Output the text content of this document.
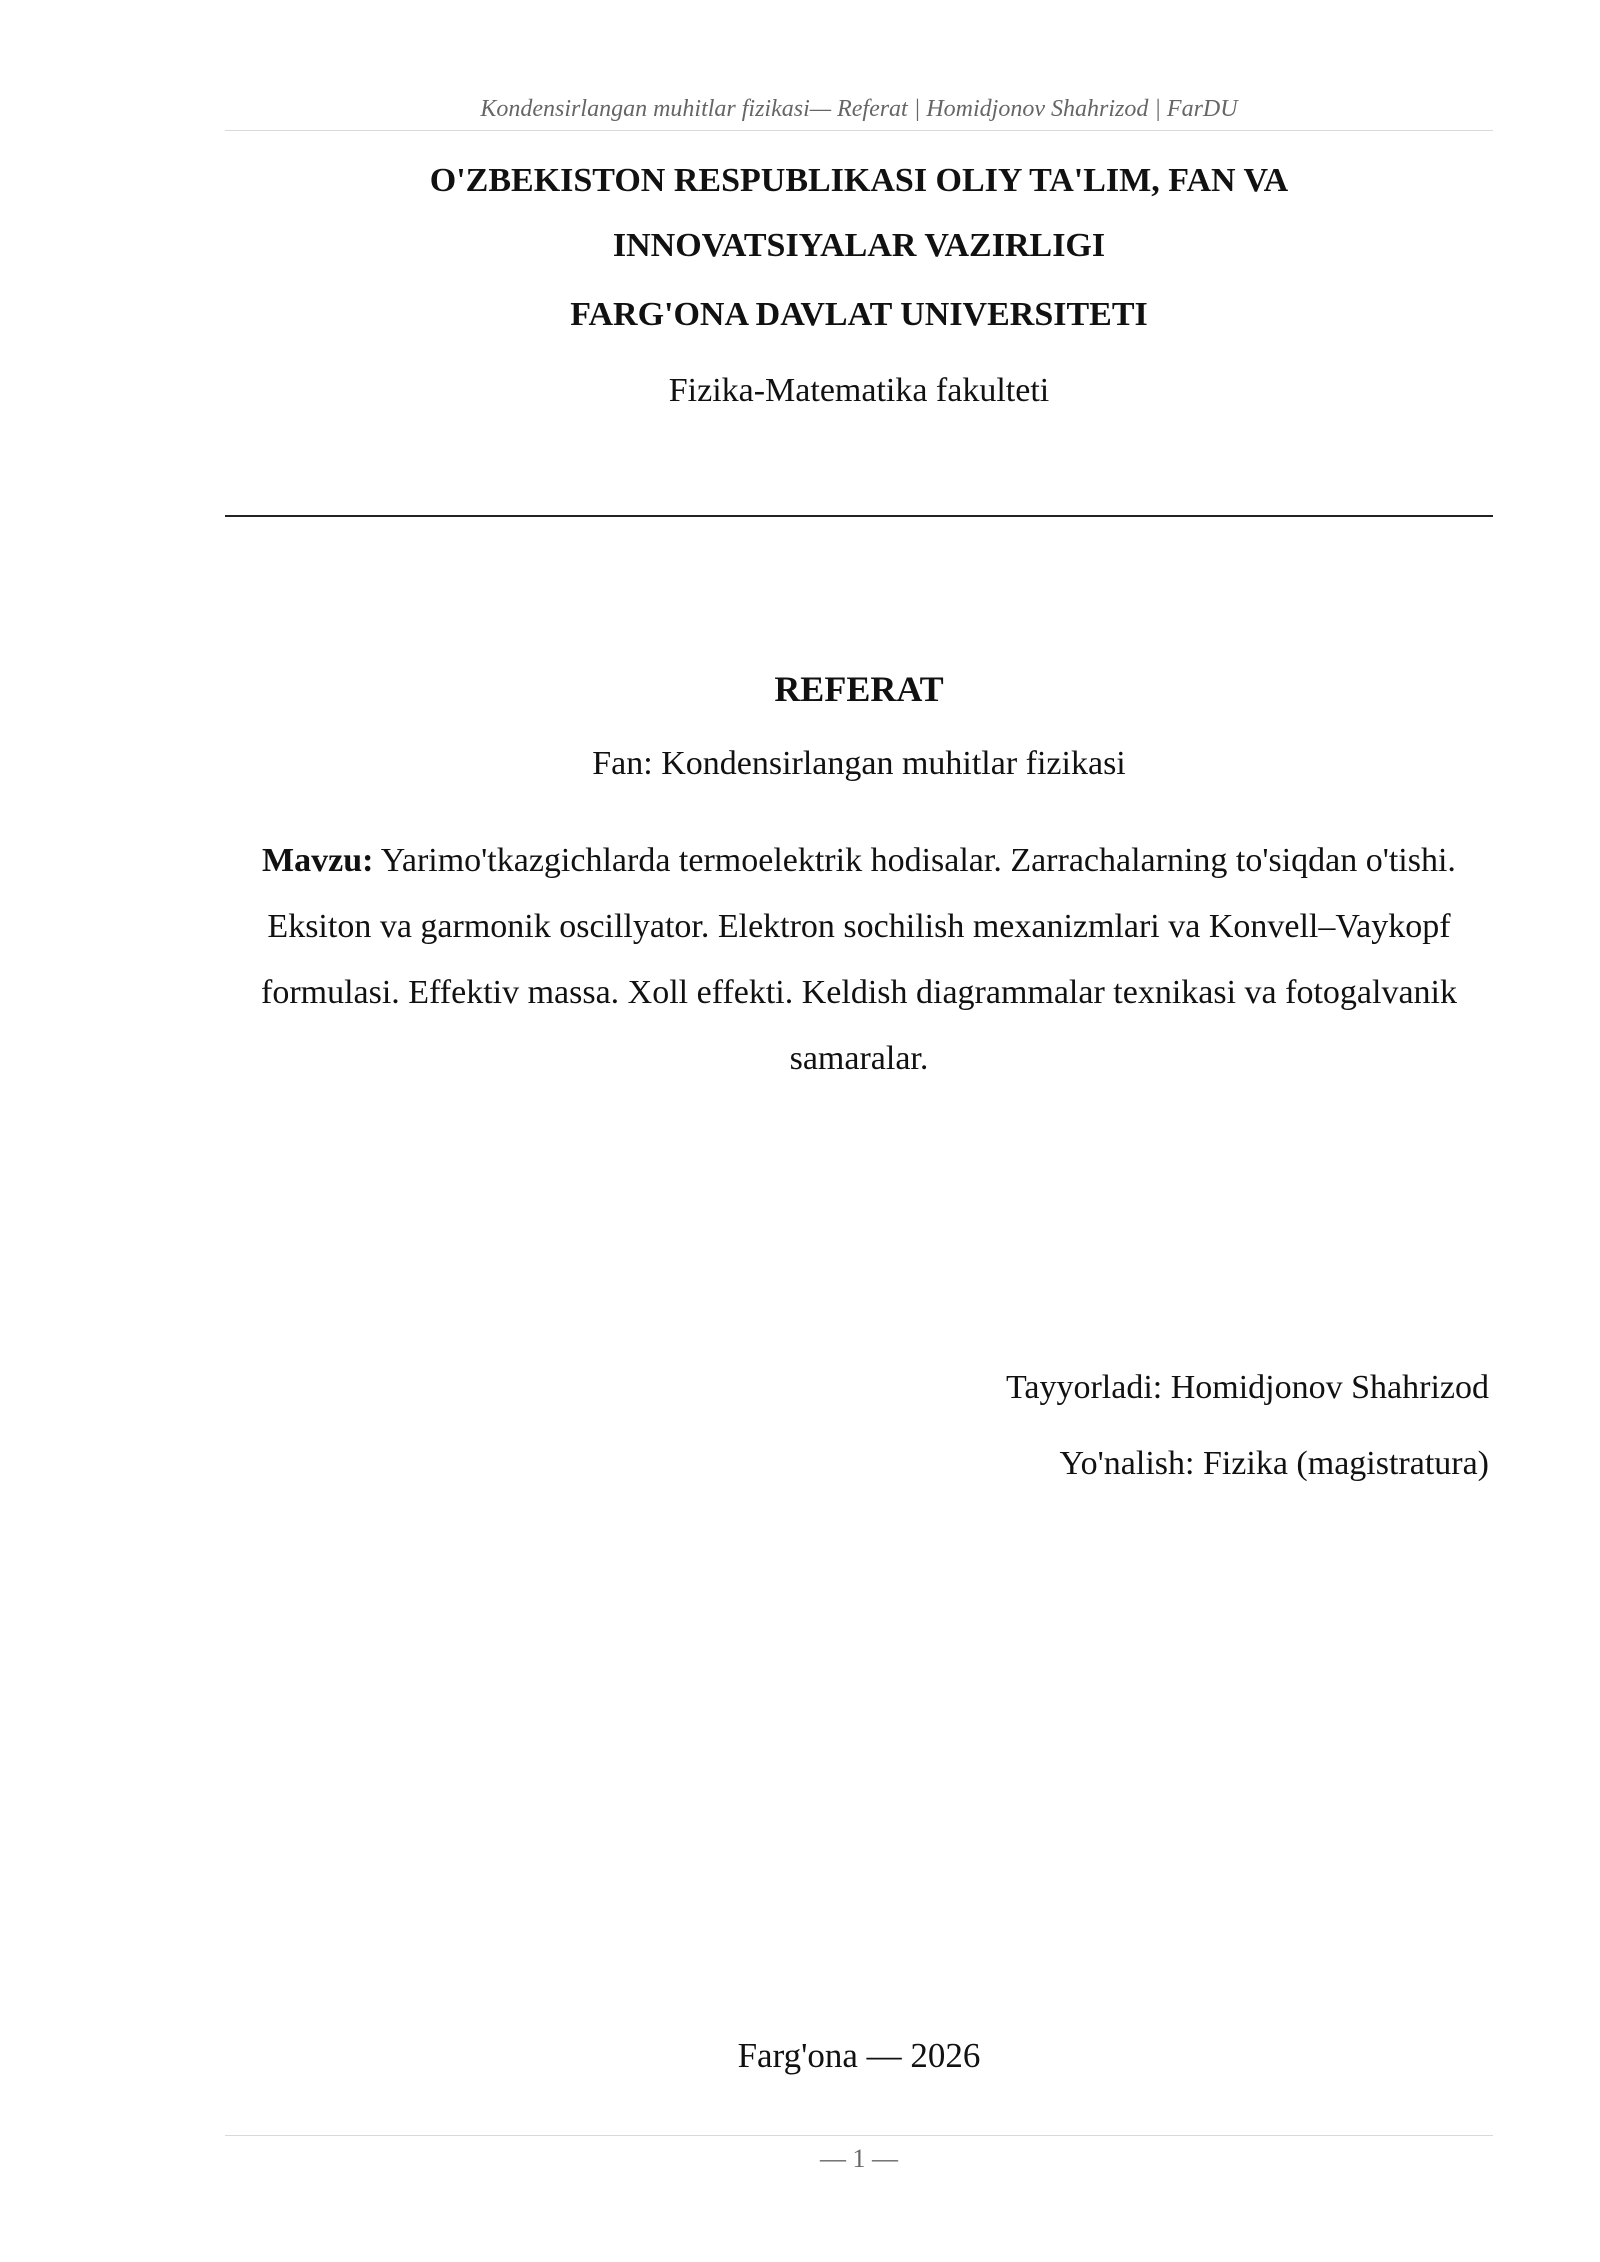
Kondensirlangan muhitlar fizikasi— Referat | Homidjonov Shahrizod | FarDU
O'ZBEKISTON RESPUBLIKASI OLIY TA'LIM, FAN VA
INNOVATSIYALAR VAZIRLIGI
FARG'ONA DAVLAT UNIVERSITETI
Fizika-Matematika fakulteti
REFERAT
Fan: Kondensirlangan muhitlar fizikasi
Mavzu: Yarimo'tkazgichlarda termoelektrik hodisalar. Zarrachalarning to'siqdan o'tishi. Eksiton va garmonik oscillyator. Elektron sochilish mexanizmlari va Konvell–Vaykopf formulasi. Effektiv massa. Xoll effekti. Keldish diagrammalar texnikasi va fotogalvanik samaralar.
Tayyorladi: Homidjonov Shahrizod
Yo'nalish: Fizika (magistratura)
Farg'ona — 2026
— 1 —
